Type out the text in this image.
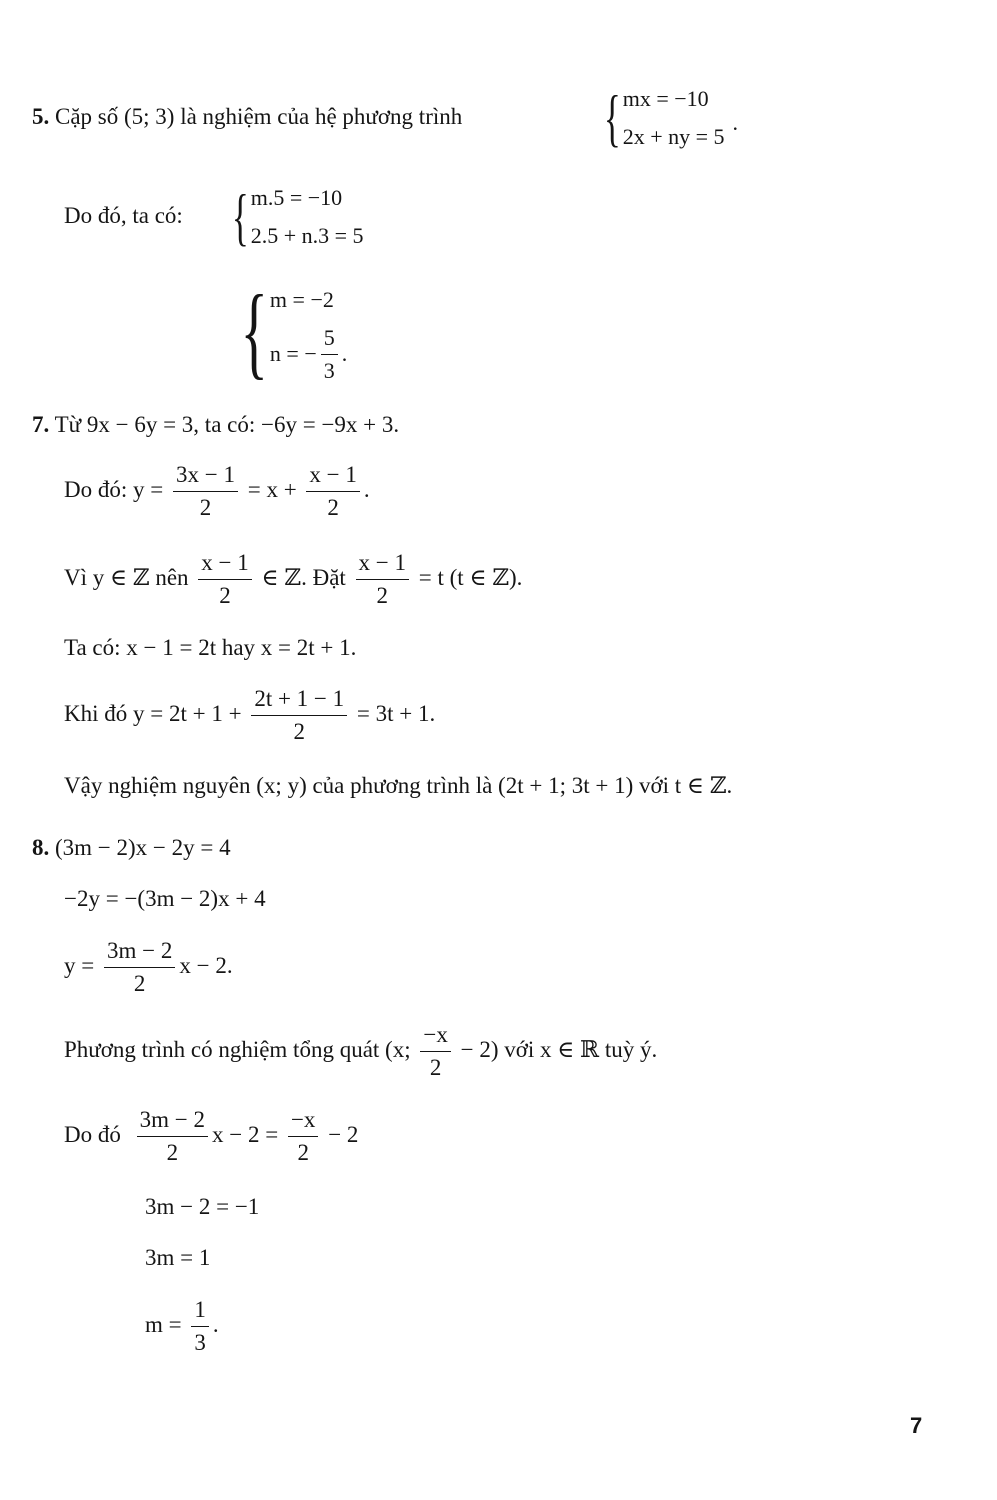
5. Cặp số (5; 3) là nghiệm của hệ phương trình { mx = −10
2x + ny = 5
.
Do đó, ta có: { m.5 = −10
2.5 + n.3 = 5
{ m = −2
n = − $\frac{5}{3}$ .
7. Từ 9x − 6y = 3, ta có: −6y = −9x + 3.
Do đó: $y = \frac{3x - 1}{2} = x + \frac{x - 1}{2}$ .
Vì y ∈ ℤ nên $\frac{x - 1}{2}$ ∈ ℤ. Đặt $\frac{x - 1}{2} = t$ (t ∈ ℤ).
Ta có: x − 1 = 2t hay x = 2t + 1.
Khi đó $y = 2t + 1 + \frac{2t + 1 - 1}{2} = 3t + 1$.
Vậy nghiệm nguyên (x; y) của phương trình là (2t + 1; 3t + 1) với t ∈ ℤ.
8. (3m − 2)x − 2y = 4
−2y = −(3m − 2)x + 4
$y = \frac{3m - 2}{2}$ x − 2.
Phương trình có nghiệm tổng quát (x; $\frac{-x}{2} - 2$) với x ∈ ℝ tuỳ ý.
Do đó $\frac{3m - 2}{2}$ $x - 2 = \frac{-x}{2} - 2$
3m − 2 = −1
3m = 1
$m = \frac{1}{3}$ .
7
